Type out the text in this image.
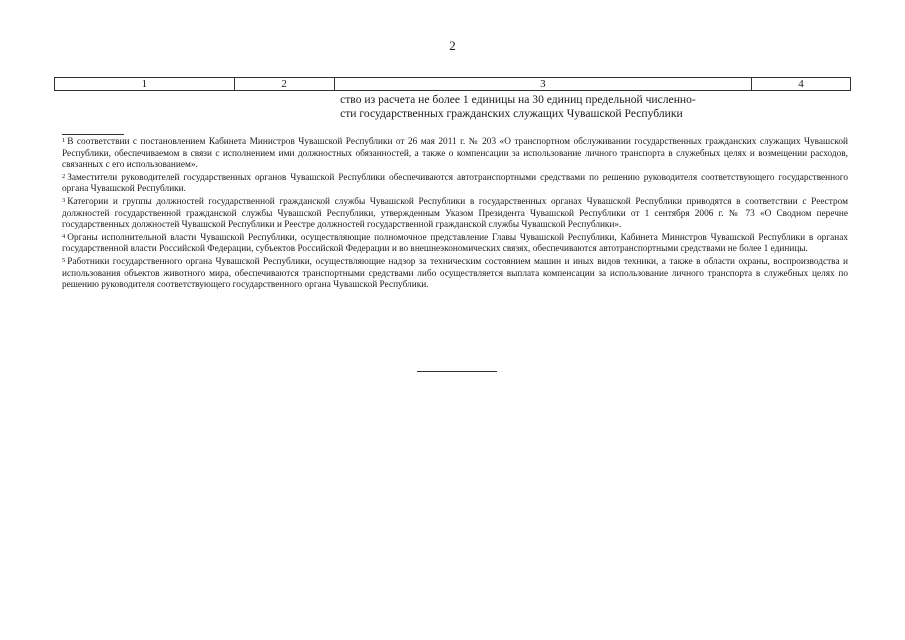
2
1	2	3	4

		ство из расчета не более 1 единицы на 30 единиц предельной численно-
сти государственных гражданских служащих Чувашской Республики	

$^1$ В соответствии с постановлением Кабинета Министров Чувашской Республики от 26 мая 2011 г. № 203 «О транспортном обслуживании государственных гражданских служащих Чувашской Республики, обеспечиваемом в связи с исполнением ими должностных обязанностей, а также о компенсации за использование личного транспорта в служебных целях и возмещении расходов, связанных с его использованием».
$^2$ Заместители руководителей государственных органов Чувашской Республики обеспечиваются автотранспортными средствами по решению руководителя соответствующего государственного органа Чувашской Республики.
$^3$ Категории и группы должностей государственной гражданской службы Чувашской Республики в государственных органах Чувашской Республики приводятся в соответствии с Реестром должностей государственной гражданской службы Чувашской Республики, утвержденным Указом Президента Чувашской Республики от 1 сентября 2006 г. № 73 «О Сводном перечне государственных должностей Чувашской Республики и Реестре должностей государственной гражданской службы Чувашской Республики».
$^4$ Органы исполнительной власти Чувашской Республики, осуществляющие полномочное представление Главы Чувашской Республики, Кабинета Министров Чувашской Республики в органах государственной власти Российской Федерации, субъектов Российской Федерации и во внешнеэкономических связях, обеспечиваются автотранспортными средствами не более 1 единицы.
$^5$ Работники государственного органа Чувашской Республики, осуществляющие надзор за техническим состоянием машин и иных видов техники, а также в области охраны, воспроизводства и использования объектов животного мира, обеспечиваются транспортными средствами либо осуществляется выплата компенсации за использование личного транспорта в служебных целях по решению руководителя соответствующего государственного органа Чувашской Республики.
